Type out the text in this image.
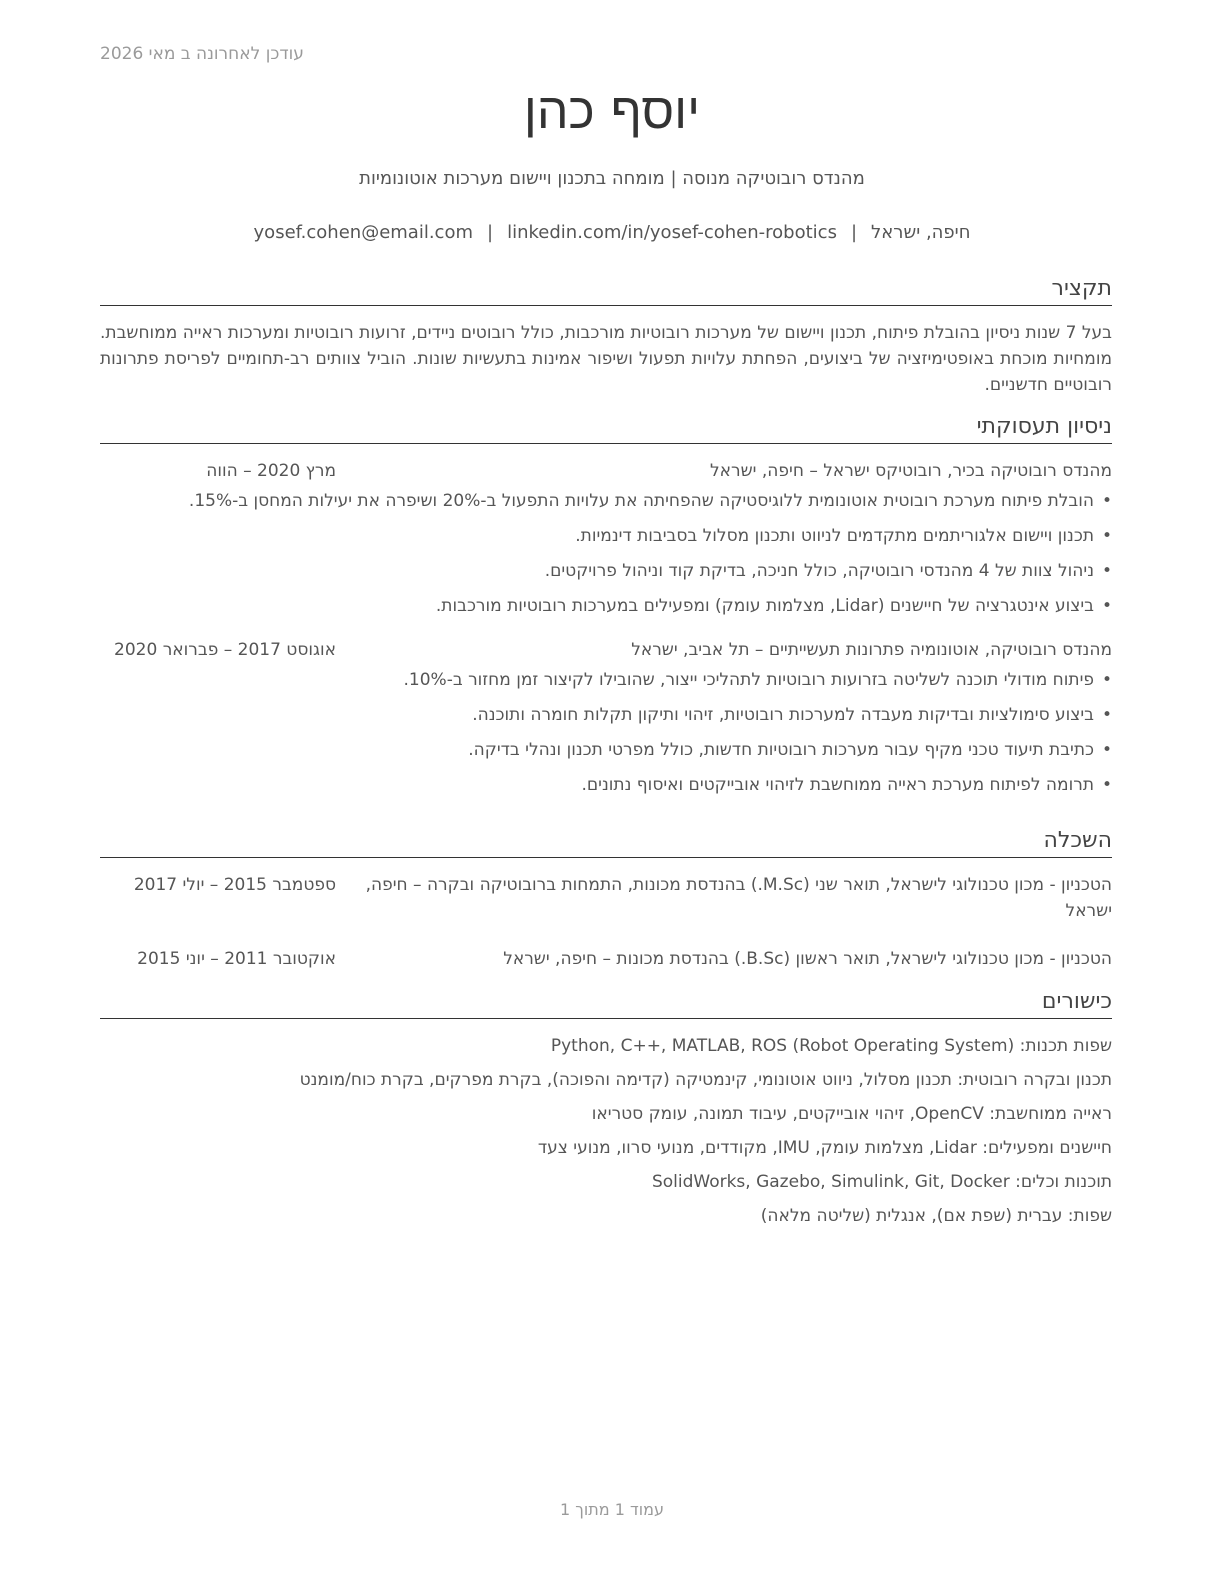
עודכן לאחרונה ב מאי 2026
יוסף כהן
מהנדס רובוטיקה מנוסה | מומחה בתכנון ויישום מערכות אוטונומיות
חיפה, ישראל|yosef.cohen@email.com | linkedin.com/in/yosef-cohen-robotics
תקציר
בעל 7 שנות ניסיון בהובלת פיתוח, תכנון ויישום של מערכות רובוטיות מורכבות, כולל רובוטים ניידים, זרועות רובוטיות ומערכות ראייה ממוחשבת. מומחיות מוכחת באופטימיזציה של ביצועים, הפחתת עלויות תפעול ושיפור אמינות בתעשיות שונות. הוביל צוותים רב-תחומיים לפריסת פתרונות רובוטיים חדשניים.
ניסיון תעסוקתי
מהנדס רובוטיקה בכיר, רובוטיקס ישראל – חיפה, ישראל
מרץ 2020 – הווה
• הובלת פיתוח מערכת רובוטית אוטונומית ללוגיסטיקה שהפחיתה את עלויות התפעול ב-20% ושיפרה את יעילות המחסן ב-15%.
• תכנון ויישום אלגוריתמים מתקדמים לניווט ותכנון מסלול בסביבות דינמיות.
• ניהול צוות של 4 מהנדסי רובוטיקה, כולל חניכה, בדיקת קוד וניהול פרויקטים.
• ביצוע אינטגרציה של חיישנים (Lidar, מצלמות עומק) ומפעילים במערכות רובוטיות מורכבות.
מהנדס רובוטיקה, אוטונומיה פתרונות תעשייתיים – תל אביב, ישראל
אוגוסט 2017 – פברואר 2020
• פיתוח מודולי תוכנה לשליטה בזרועות רובוטיות לתהליכי ייצור, שהובילו לקיצור זמן מחזור ב-10%.
• ביצוע סימולציות ובדיקות מעבדה למערכות רובוטיות, זיהוי ותיקון תקלות חומרה ותוכנה.
• כתיבת תיעוד טכני מקיף עבור מערכות רובוטיות חדשות, כולל מפרטי תכנון ונהלי בדיקה.
• תרומה לפיתוח מערכת ראייה ממוחשבת לזיהוי אובייקטים ואיסוף נתונים.
השכלה
הטכניון - מכון טכנולוגי לישראל, תואר שני (M.Sc.) בהנדסת מכונות, התמחות ברובוטיקה ובקרה – חיפה, ישראל
ספטמבר 2015 – יולי 2017
הטכניון - מכון טכנולוגי לישראל, תואר ראשון (B.Sc.) בהנדסת מכונות – חיפה, ישראל
אוקטובר 2011 – יוני 2015
כישורים
שפות תכנות: Python, C++, MATLAB, ROS (Robot Operating System)
תכנון ובקרה רובוטית: תכנון מסלול, ניווט אוטונומי, קינמטיקה (קדימה והפוכה), בקרת מפרקים, בקרת כוח/מומנט
ראייה ממוחשבת: OpenCV, זיהוי אובייקטים, עיבוד תמונה, עומק סטריאו
חיישנים ומפעילים: Lidar, מצלמות עומק, IMU, מקודדים, מנועי סרוו, מנועי צעד
תוכנות וכלים: SolidWorks, Gazebo, Simulink, Git, Docker
שפות: עברית (שפת אם), אנגלית (שליטה מלאה)
עמוד 1 מתוך 1
